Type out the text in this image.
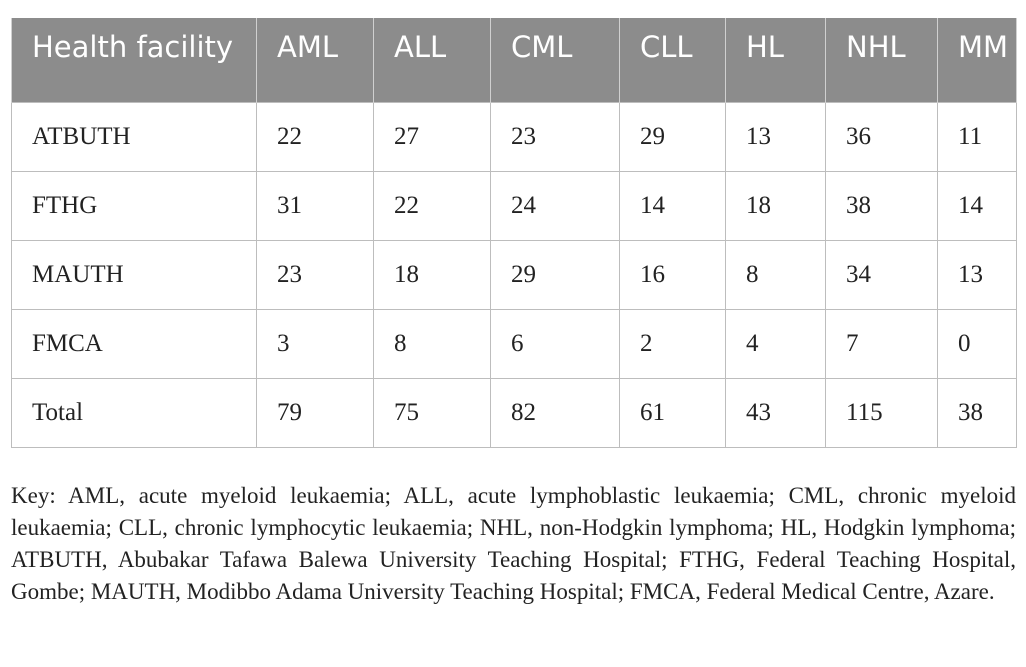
Health facility	AML	ALL	CML	CLL	HL	NHL	MM
ATBUTH	22	27	23	29	13	36	11
FTHG	31	22	24	14	18	38	14
MAUTH	23	18	29	16	8	34	13
FMCA	3	8	6	2	4	7	0
Total	79	75	82	61	43	115	38

Key: AML, acute myeloid leukaemia; ALL, acute lymphoblastic leukaemia; CML, chronic myeloid leukaemia; CLL, chronic lymphocytic leukaemia; NHL, non-Hodgkin lymphoma; HL, Hodgkin lymphoma; ATBUTH, Abubakar Tafawa Balewa University Teaching Hospital; FTHG, Federal Teaching Hospital, Gombe; MAUTH, Modibbo Adama University Teaching Hospital; FMCA, Federal Medical Centre, Azare.
